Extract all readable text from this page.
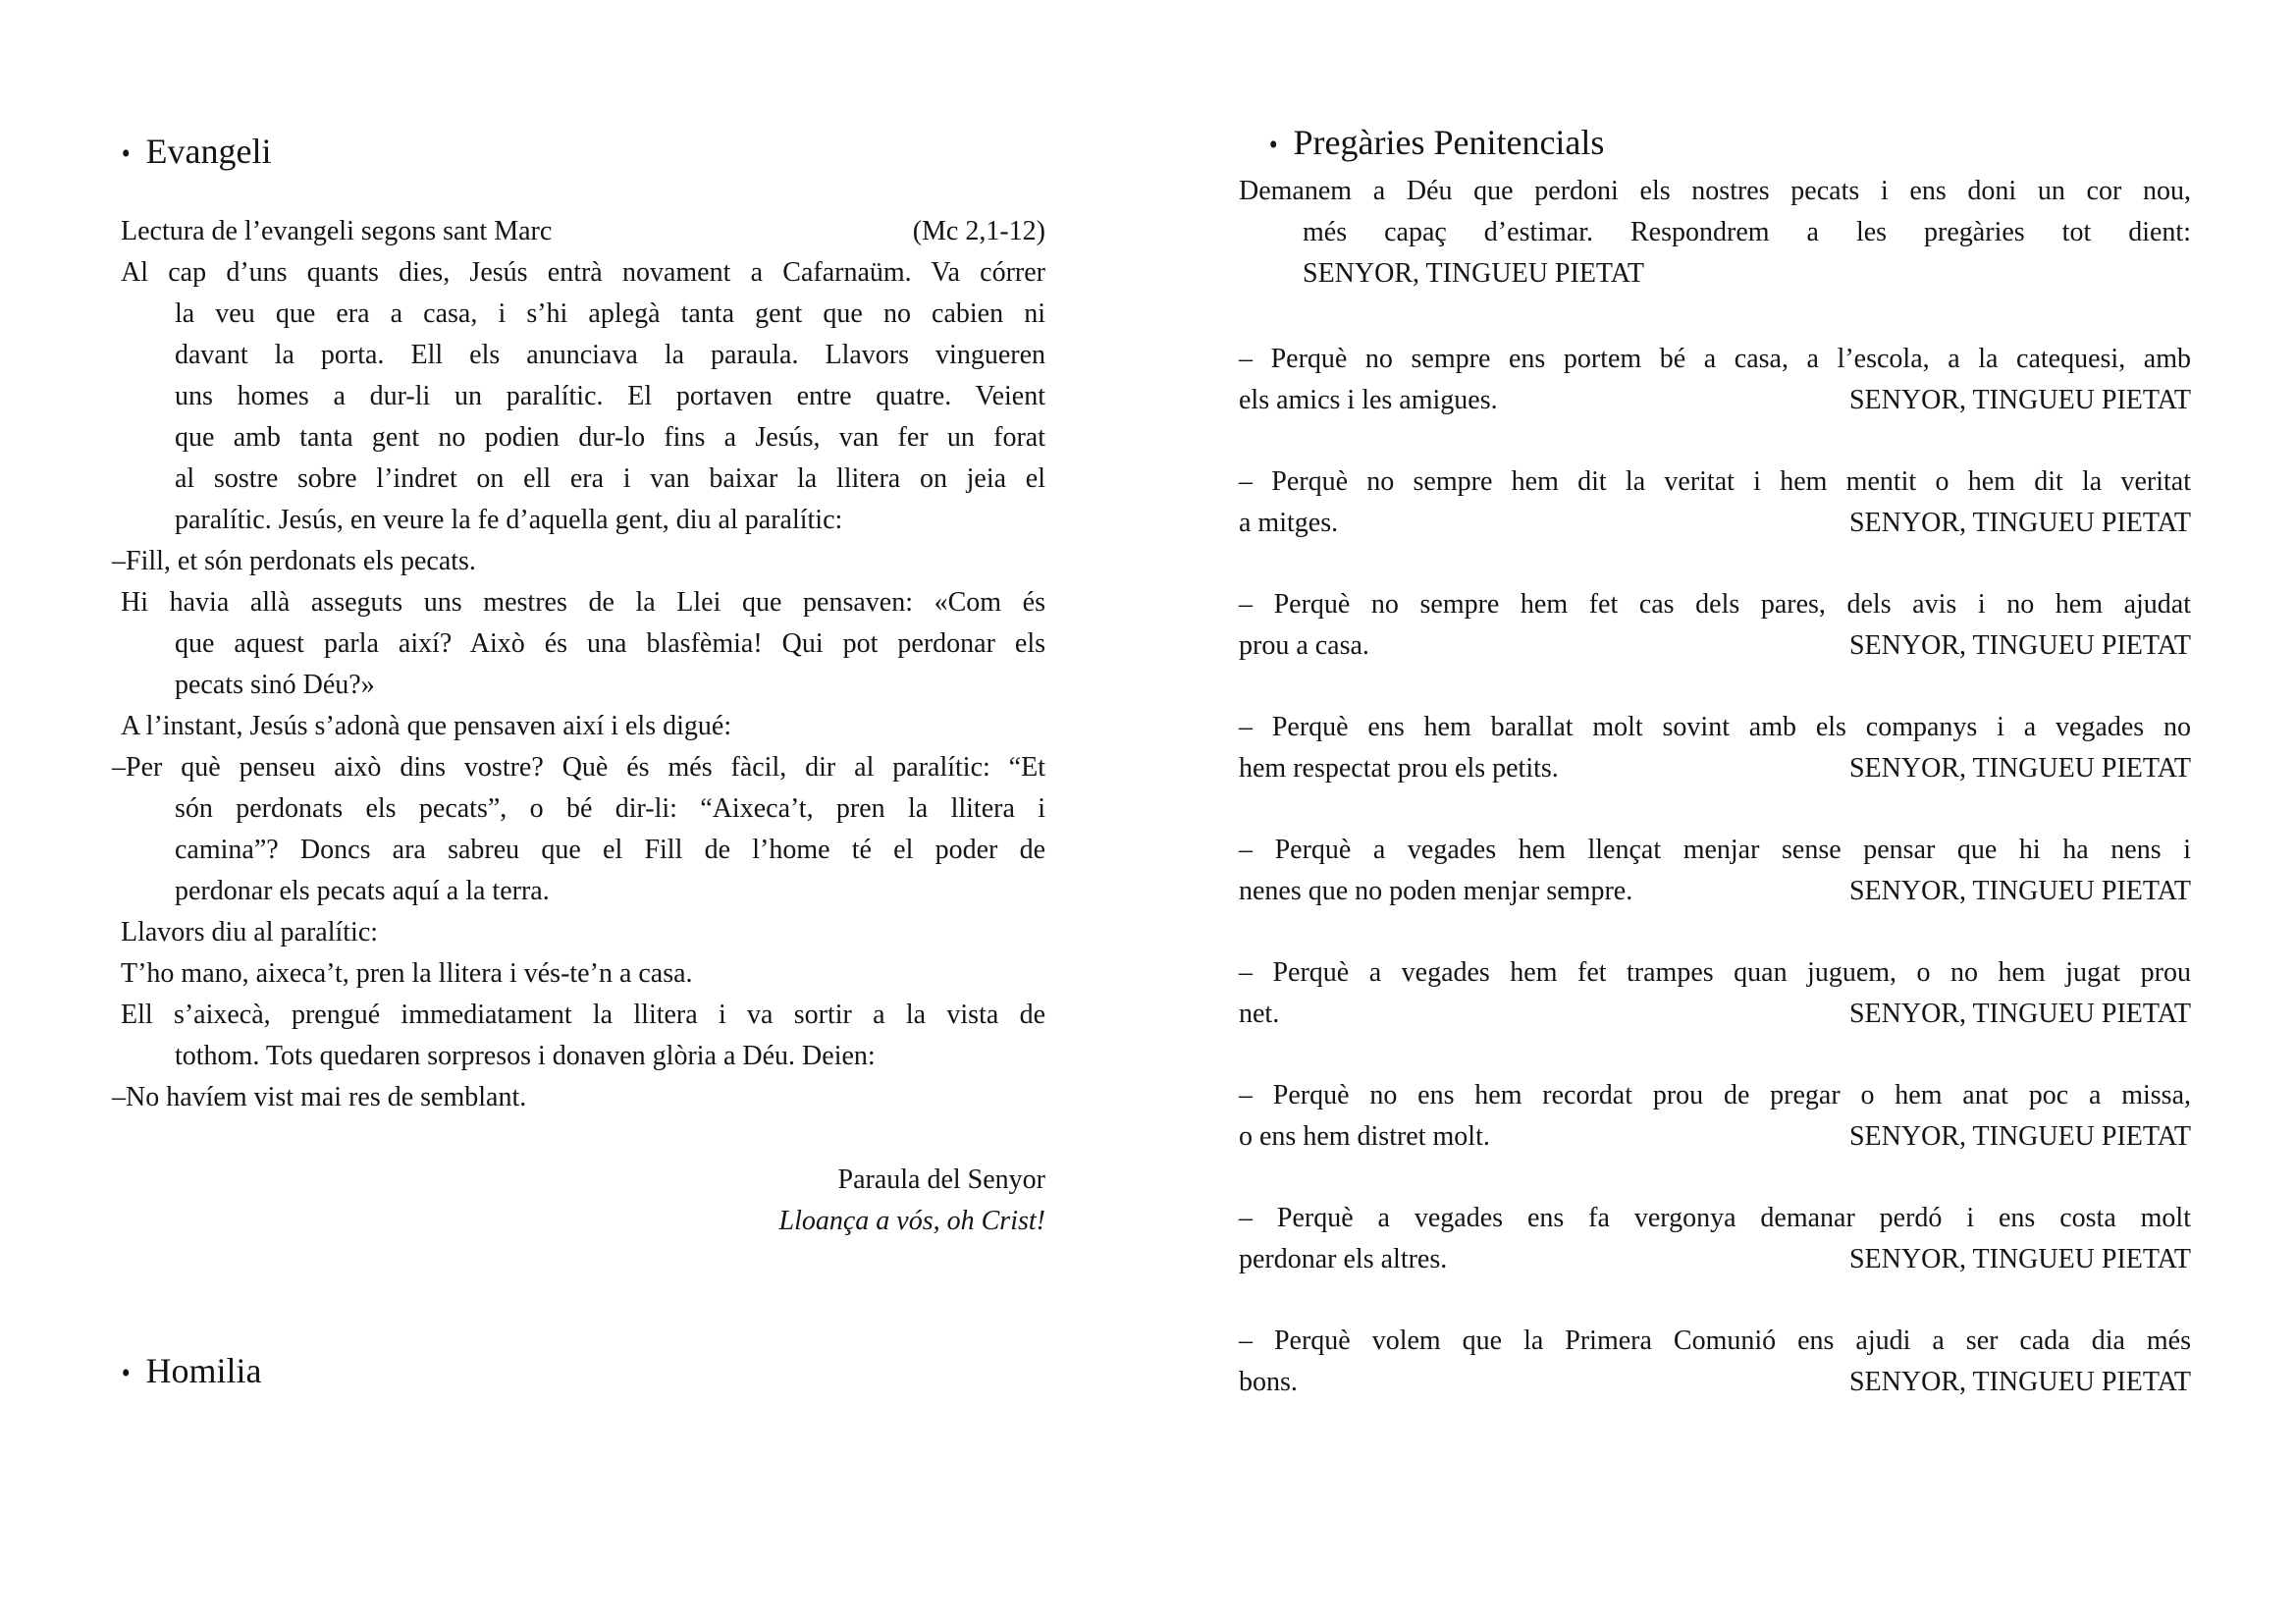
• Evangeli
Lectura de l’evangeli segons sant Marc	(Mc 2,1-12)
Al cap d’uns quants dies, Jesús entrà novament a Cafarnaüm. Va córrer
la veu que era a casa, i s’hi aplegà tanta gent que no cabien ni
davant la porta. Ell els anunciava la paraula. Llavors vingueren
uns homes a dur-li un paralític. El portaven entre quatre. Veient
que amb tanta gent no podien dur-lo fins a Jesús, van fer un forat
al sostre sobre l’indret on ell era i van baixar la llitera on jeia el
paralític. Jesús, en veure la fe d’aquella gent, diu al paralític:
–Fill, et són perdonats els pecats.
Hi havia allà asseguts uns mestres de la Llei que pensaven: «Com és
que aquest parla així? Això és una blasfèmia! Qui pot perdonar els
pecats sinó Déu?»
A l’instant, Jesús s’adonà que pensaven així i els digué:
–Per què penseu això dins vostre? Què és més fàcil, dir al paralític: “Et
són perdonats els pecats”, o bé dir-li: “Aixeca’t, pren la llitera i
camina”? Doncs ara sabreu que el Fill de l’home té el poder de
perdonar els pecats aquí a la terra.
Llavors diu al paralític:
T’ho mano, aixeca’t, pren la llitera i vés-te’n a casa.
Ell s’aixecà, prengué immediatament la llitera i va sortir a la vista de
tothom. Tots quedaren sorpresos i donaven glòria a Déu. Deien:
–No havíem vist mai res de semblant.
Paraula del Senyor
Lloança a vós, oh Crist!
• Homilia
• Pregàries Penitencials
Demanem a Déu que perdoni els nostres pecats i ens doni un cor nou,
més capaç d’estimar. Respondrem a les pregàries tot dient:
SENYOR, TINGUEU PIETAT
– Perquè no sempre ens portem bé a casa, a l’escola, a la catequesi, amb
els amics i les amigues.	SENYOR, TINGUEU PIETAT
– Perquè no sempre hem dit la veritat i hem mentit o hem dit la veritat
a mitges.	SENYOR, TINGUEU PIETAT
– Perquè no sempre hem fet cas dels pares, dels avis i no hem ajudat
prou a casa.	SENYOR, TINGUEU PIETAT
– Perquè ens hem barallat molt sovint amb els companys i a vegades no
hem respectat prou els petits.	SENYOR, TINGUEU PIETAT
– Perquè a vegades hem llençat menjar sense pensar que hi ha nens i
nenes que no poden menjar sempre.	SENYOR, TINGUEU PIETAT
– Perquè a vegades hem fet trampes quan juguem, o no hem jugat prou
net.	SENYOR, TINGUEU PIETAT
– Perquè no ens hem recordat prou de pregar o hem anat poc a missa,
o ens hem distret molt.	SENYOR, TINGUEU PIETAT
– Perquè a vegades ens fa vergonya demanar perdó i ens costa molt
perdonar els altres.	SENYOR, TINGUEU PIETAT
– Perquè volem que la Primera Comunió ens ajudi a ser cada dia més
bons.	SENYOR, TINGUEU PIETAT
